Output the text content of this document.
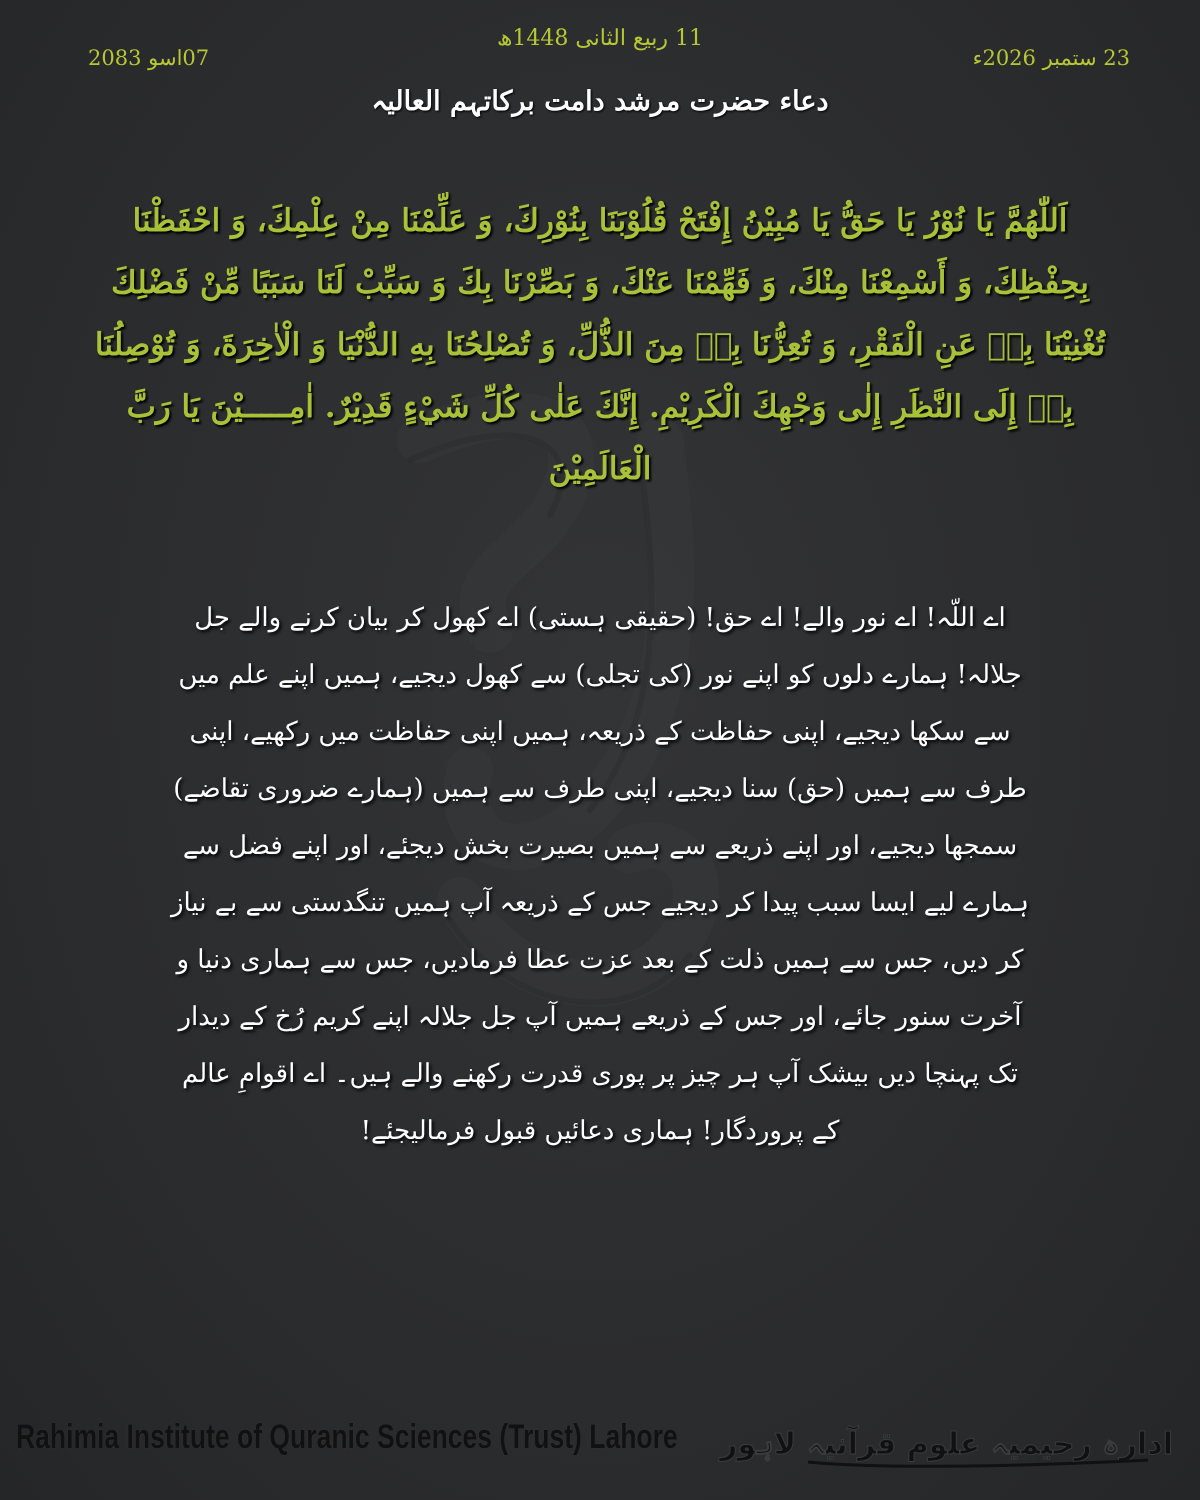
11 ربیع الثانی 1448ھ

23 ستمبر 2026ء

07اسو 2083

دعاء حضرت مرشد دامت برکاتہم العالیہ

اَللّٰهُمَّ يَا نُوْرُ يَا حَقُّ يَا مُبِيْنُ إِفْتَحْ قُلُوْبَنَا بِنُوْرِكَ، وَ عَلِّمْنَا مِنْ عِلْمِكَ، وَ احْفَظْنَا بِحِفْظِكَ، وَ أَسْمِعْنَا مِنْكَ، وَ فَهِّمْنَا عَنْكَ، وَ بَصِّرْنَا بِكَ وَ سَبِّبْ لَنَا سَبَبًا مِّنْ فَضْلِكَ تُغْنِيْنَا بِهٖ عَنِ الْفَقْرِ، وَ تُعِزُّنَا بِهٖ مِنَ الذُّلِّ، وَ تُصْلِحُنَا بِهِ الدُّنْيَا وَ الْاٰخِرَةَ، وَ تُوْصِلُنَا بِهٖ إِلَى النَّظَرِ إِلٰى وَجْهِكَ الْكَرِيْمِ. إِنَّكَ عَلٰى كُلِّ شَيْءٍ قَدِيْرٌ. اٰمِـــــيْنَ يَا رَبَّ الْعَالَمِيْنَ

اے اللّہ! اے نور والے! اے حق! (حقیقی ہستی) اے کھول کر بیان کرنے والے جل جلالہ! ہمارے دلوں کو اپنے نور (کی تجلی) سے کھول دیجیے، ہمیں اپنے علم میں سے سکھا دیجیے، اپنی حفاظت کے ذریعہ، ہمیں اپنی حفاظت میں رکھیے، اپنی طرف سے ہمیں (حق) سنا دیجیے، اپنی طرف سے ہمیں (ہمارے ضروری تقاضے) سمجھا دیجیے، اور اپنے ذریعے سے ہمیں بصیرت بخش دیجئے، اور اپنے فضل سے ہمارے لیے ایسا سبب پیدا کر دیجیے جس کے ذریعہ آپ ہمیں تنگدستی سے بے نیاز کر دیں، جس سے ہمیں ذلت کے بعد عزت عطا فرمادیں، جس سے ہماری دنیا و آخرت سنور جائے، اور جس کے ذریعے ہمیں آپ جل جلالہ اپنے کریم رُخ کے دیدار تک پہنچا دیں بیشک آپ ہر چیز پر پوری قدرت رکھنے والے ہیں۔ اے اقوامِ عالم کے پروردگار! ہماری دعائیں قبول فرمالیجئے!

Rahimia Institute of Quranic Sciences (Trust) Lahore ادارہ رحیمیہ علوم قرآنیہ لاہور
